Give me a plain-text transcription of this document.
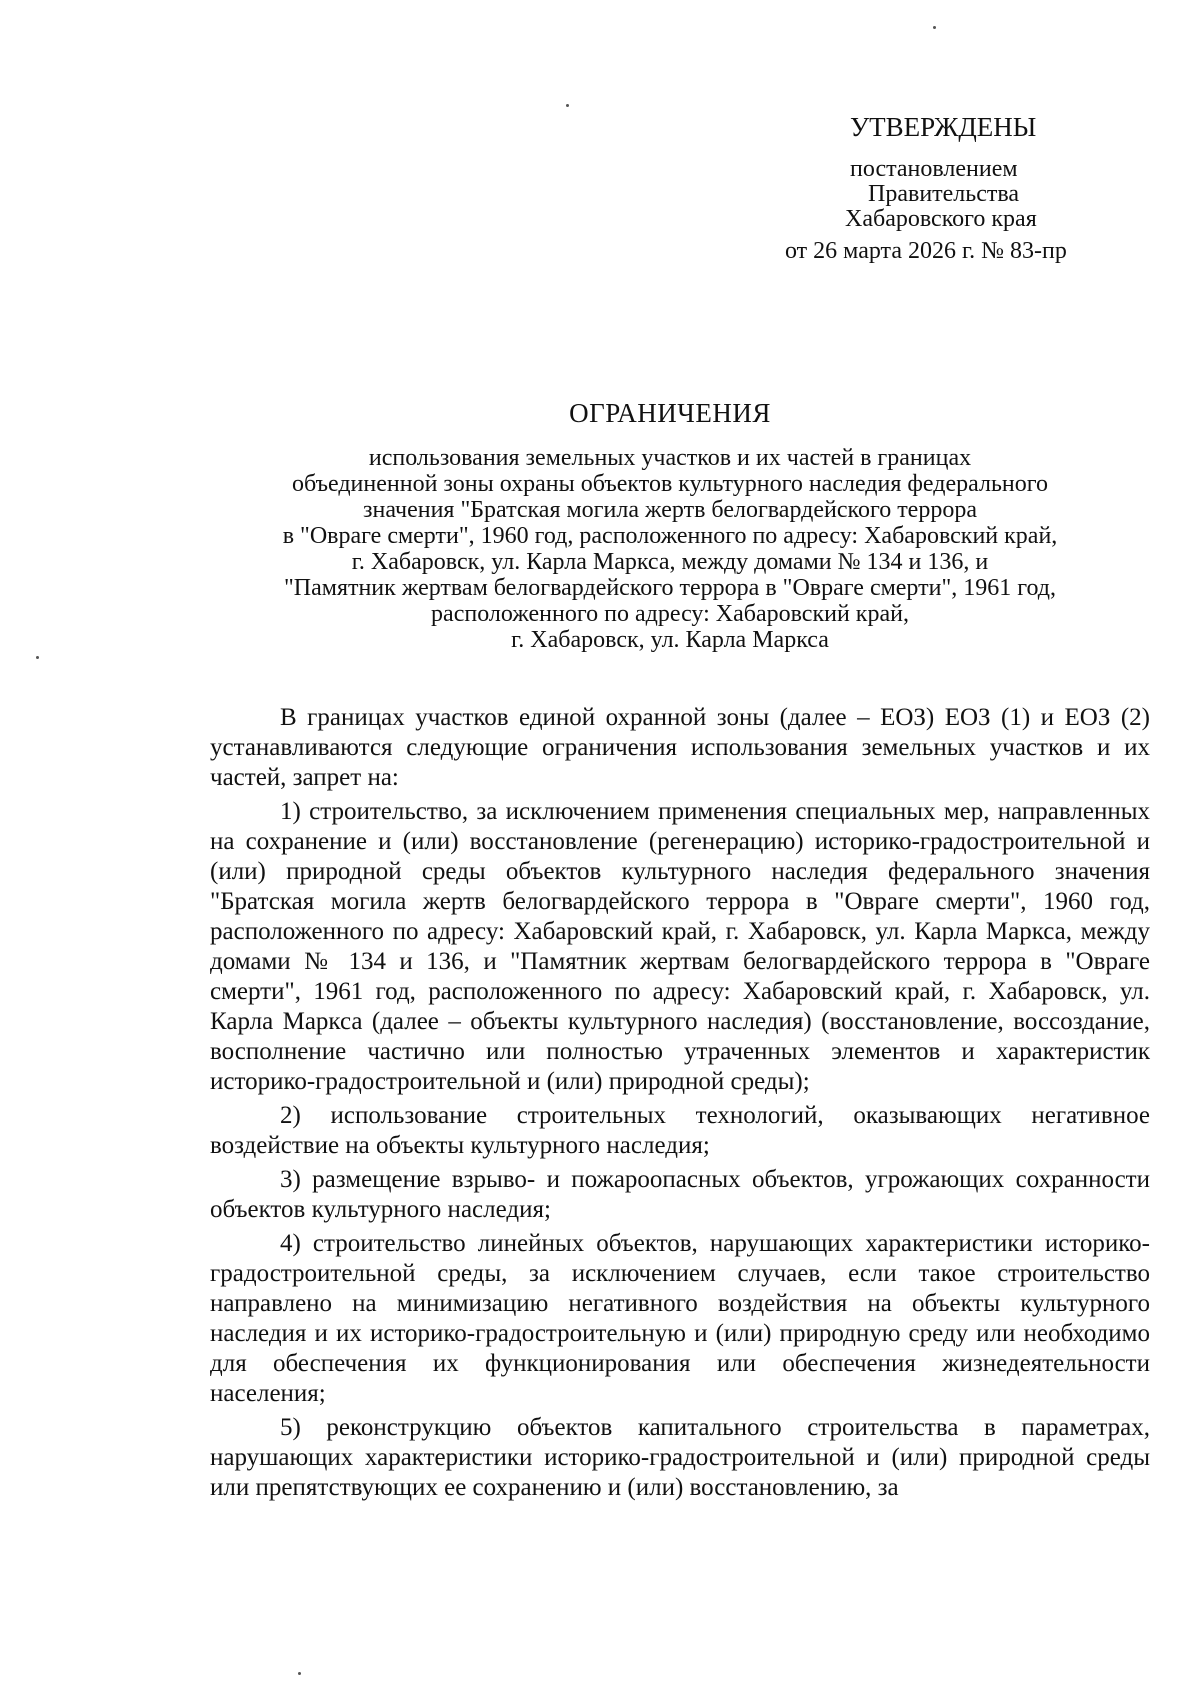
УТВЕРЖДЕНЫ
постановлением
Правительства
Хабаровского края
от 26 марта 2026 г. № 83-пр
ОГРАНИЧЕНИЯ
использования земельных участков и их частей в границах
объединенной зоны охраны объектов культурного наследия федерального
значения "Братская могила жертв белогвардейского террора
в "Овраге смерти", 1960 год, расположенного по адресу: Хабаровский край,
г. Хабаровск, ул. Карла Маркса, между домами № 134 и 136, и
"Памятник жертвам белогвардейского террора в "Овраге смерти", 1961 год,
расположенного по адресу: Хабаровский край,
г. Хабаровск, ул. Карла Маркса

В границах участков единой охранной зоны (далее – ЕОЗ) ЕОЗ (1) и ЕОЗ (2) устанавливаются следующие ограничения использования земельных участков и их частей, запрет на:

1) строительство, за исключением применения специальных мер, направленных на сохранение и (или) восстановление (регенерацию) историко-градостроительной и (или) природной среды объектов культурного наследия федерального значения "Братская могила жертв белогвардейского террора в "Овраге смерти", 1960 год, расположенного по адресу: Хабаровский край, г. Хабаровск, ул. Карла Маркса, между домами № 134 и 136, и "Памятник жертвам белогвардейского террора в "Овраге смерти", 1961 год, расположенного по адресу: Хабаровский край, г. Хабаровск, ул. Карла Маркса (далее – объекты культурного наследия) (восстановление, воссоздание, восполнение частично или полностью утраченных элементов и характеристик историко-градостроительной и (или) природной среды);

2) использование строительных технологий, оказывающих негативное воздействие на объекты культурного наследия;

3) размещение взрыво- и пожароопасных объектов, угрожающих сохранности объектов культурного наследия;

4) строительство линейных объектов, нарушающих характеристики историко-градостроительной среды, за исключением случаев, если такое строительство направлено на минимизацию негативного воздействия на объекты культурного наследия и их историко-градостроительную и (или) природную среду или необходимо для обеспечения их функционирования или обеспечения жизнедеятельности населения;

5) реконструкцию объектов капитального строительства в параметрах, нарушающих характеристики историко-градостроительной и (или) природной среды или препятствующих ее сохранению и (или) восстановлению, за
